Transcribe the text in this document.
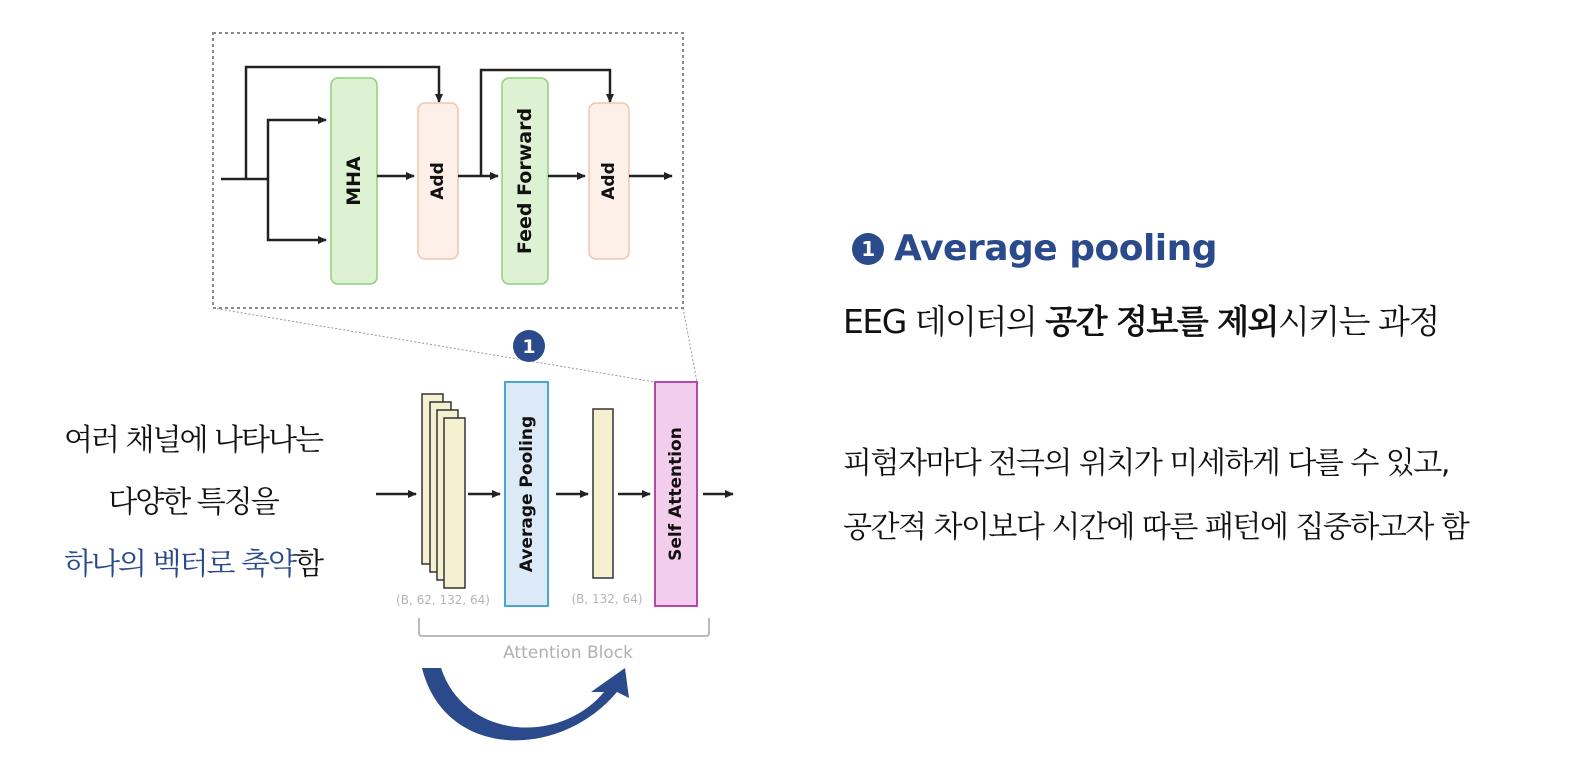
MHA	Add	Feed Forward	Add
1
Average Pooling	Self Attention
(B, 62, 132, 64)	(B, 132, 64)
Attention Block
여러 채널에 나타나는
다양한 특징을
하나의 벡터로 축약함
1 Average pooling
EEG 데이터의 공간 정보를 제외시키는 과정
피험자마다 전극의 위치가 미세하게 다를 수 있고,
공간적 차이보다 시간에 따른 패턴에 집중하고자 함
